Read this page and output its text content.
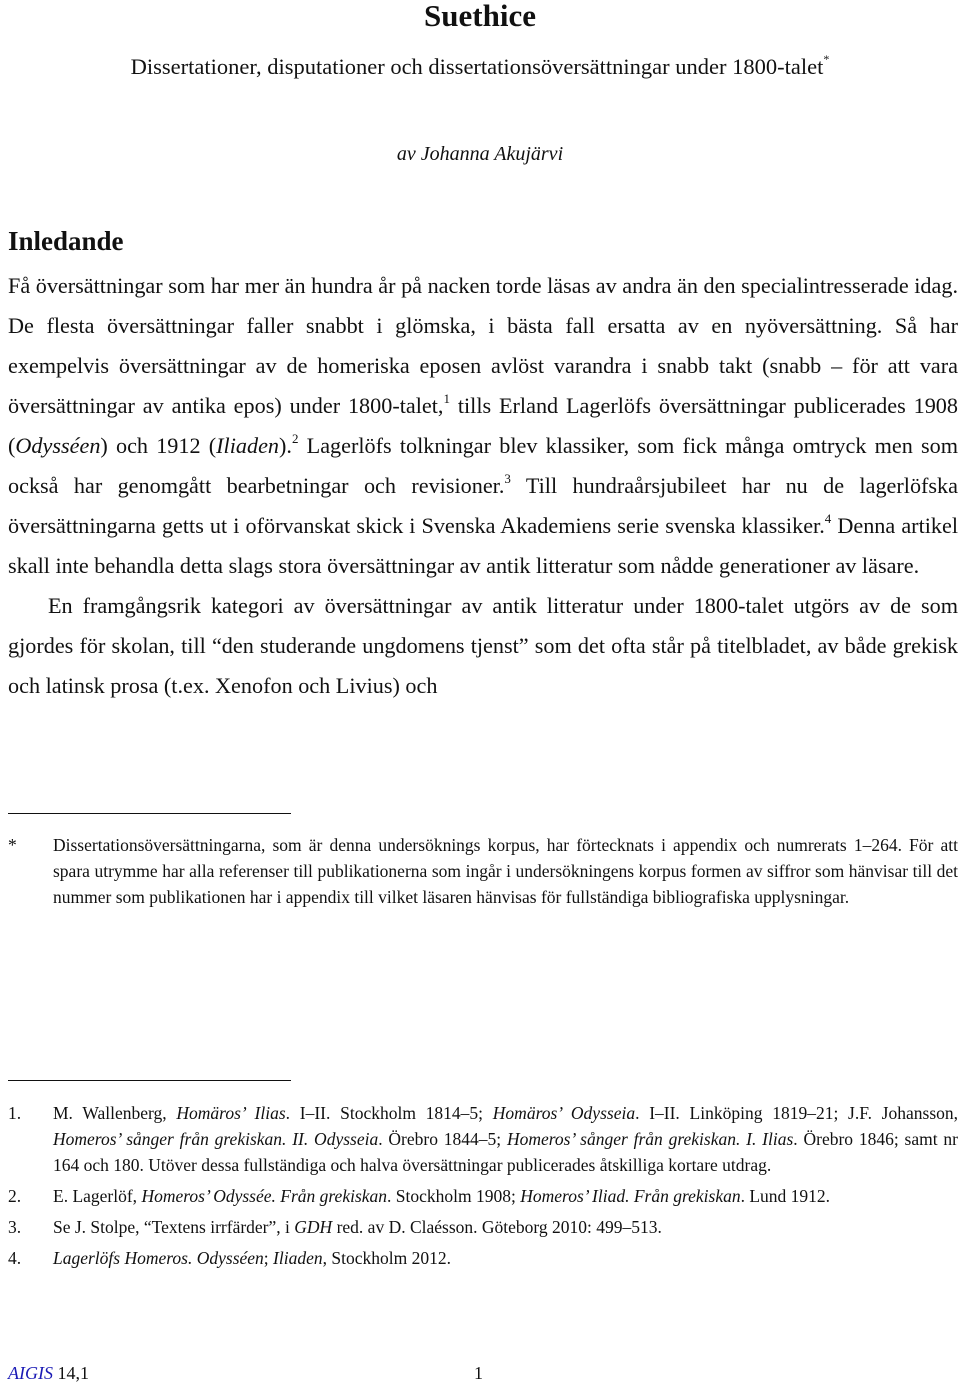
Suethice

Dissertationer, disputationer och dissertationsöversättningar under 1800-talet*

av Johanna Akujärvi

Inledande

Få översättningar som har mer än hundra år på nacken torde läsas av andra än den specialintresserade idag. De flesta översättningar faller snabbt i glömska, i bästa fall ersatta av en nyöversättning. Så har exempelvis översättningar av de homeriska eposen avlöst varandra i snabb takt (snabb – för att vara översättningar av antika epos) under 1800-talet,$^1$ tills Erland Lagerlöfs översättningar publicerades 1908 (Odysséen) och 1912 (Iliaden).$^2$ Lagerlöfs tolkningar blev klassiker, som fick många omtryck men som också har genomgått bearbetningar och revisioner.$^3$ Till hundraårsjubileet har nu de lagerlöfska översättningarna getts ut i oförvanskat skick i Svenska Akademiens serie svenska klassiker.$^4$ Denna artikel skall inte behandla detta slags stora översättningar av antik litteratur som nådde generationer av läsare.

En framgångsrik kategori av översättningar av antik litteratur under 1800-talet utgörs av de som gjordes för skolan, till “den studerande ungdomens tjenst” som det ofta står på titelbladet, av både grekisk och latinsk prosa (t.ex. Xenofon och Livius) och

* Dissertationsöversättningarna, som är denna undersöknings korpus, har förtecknats i appendix och numrerats 1–264. För att spara utrymme har alla referenser till publikationerna som ingår i undersökningens korpus formen av siffror som hänvisar till det nummer som publikationen har i appendix till vilket läsaren hänvisas för fullständiga bibliografiska upplysningar.
1. M. Wallenberg, Homäros’ Ilias. I–II. Stockholm 1814–5; Homäros’ Odysseia. I–II. Linköping 1819–21; J.F. Johansson, Homeros’ sånger från grekiskan. II. Odysseia. Örebro 1844–5; Homeros’ sånger från grekiskan. I. Ilias. Örebro 1846; samt nr 164 och 180. Utöver dessa fullständiga och halva översättningar publicerades åtskilliga kortare utdrag.
2. E. Lagerlöf, Homeros’ Odyssée. Från grekiskan. Stockholm 1908; Homeros’ Iliad. Från grekiskan. Lund 1912.
3. Se J. Stolpe, “Textens irrfärder”, i GDH red. av D. Claésson. Göteborg 2010: 499–513.
4. Lagerlöfs Homeros. Odysséen; Iliaden, Stockholm 2012.
AIGIS 14,1	1
